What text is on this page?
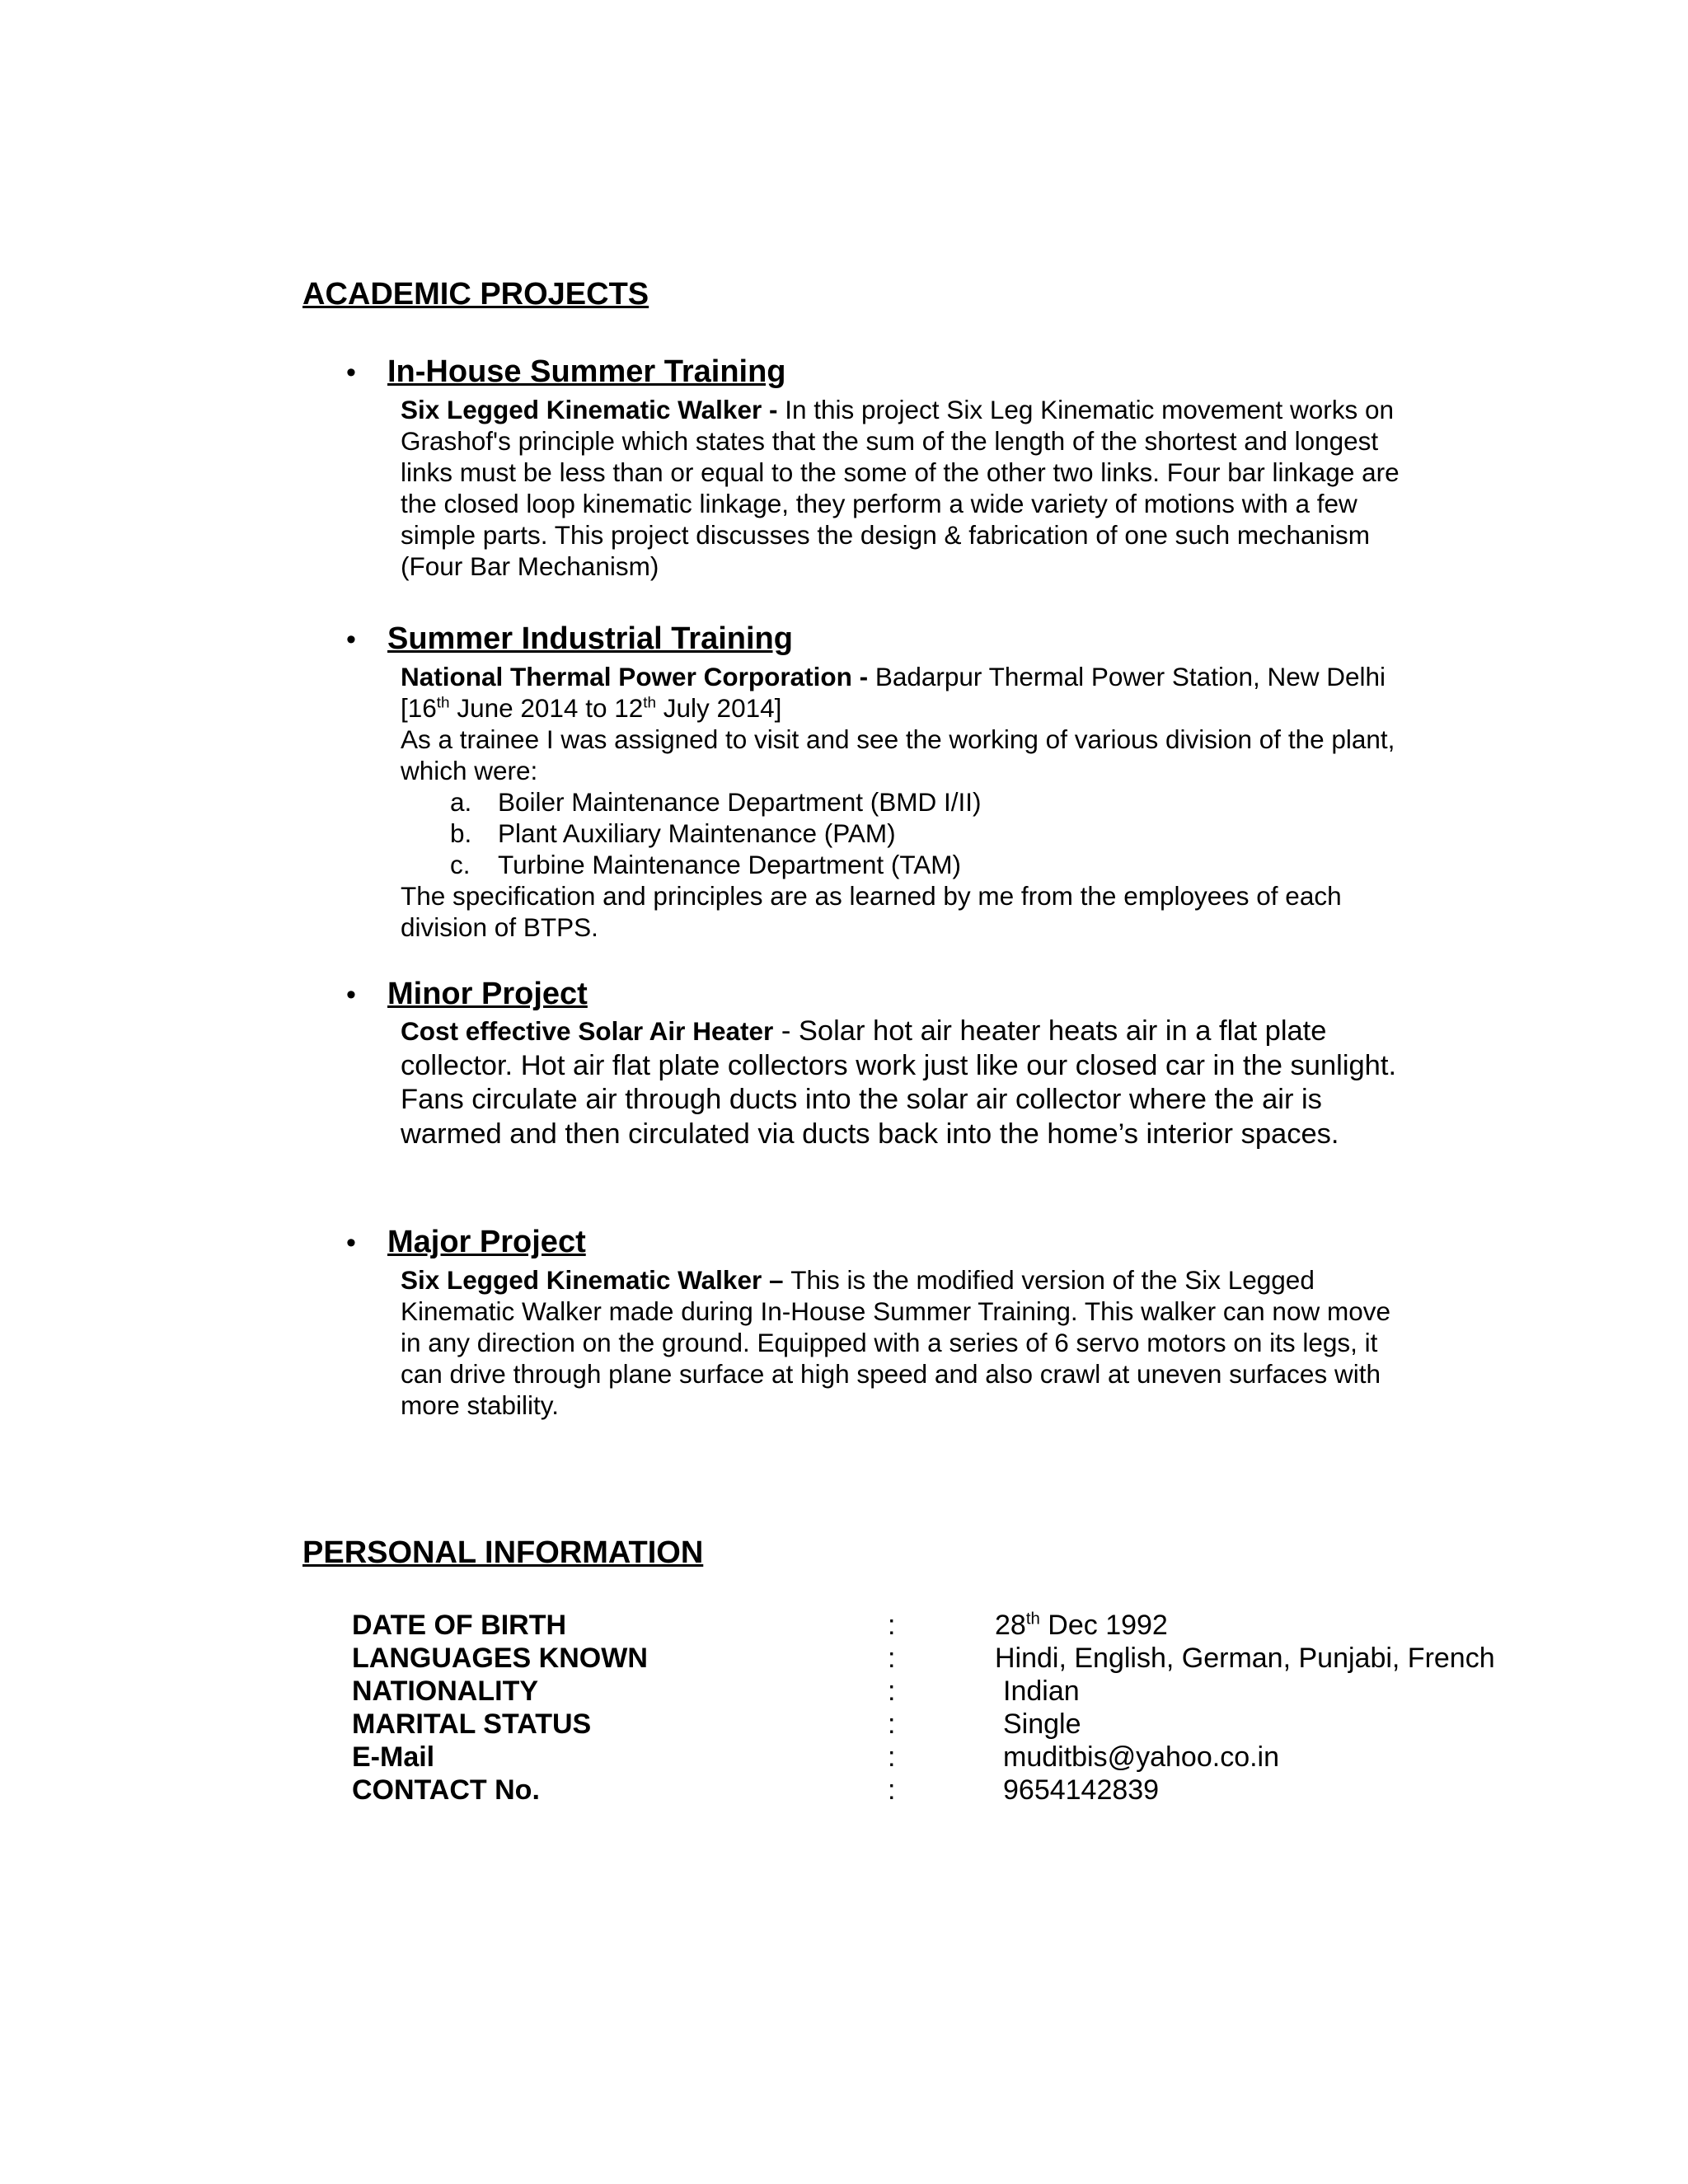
ACADEMIC PROJECTS
• In-House Summer Training
Six Legged Kinematic Walker - In this project Six Leg Kinematic movement works on Grashof's principle which states that the sum of the length of the shortest and longest links must be less than or equal to the some of the other two links. Four bar linkage are the closed loop kinematic linkage, they perform a wide variety of motions with a few simple parts. This project discusses the design & fabrication of one such mechanism (Four Bar Mechanism)
• Summer Industrial Training
National Thermal Power Corporation - Badarpur Thermal Power Station, New Delhi [16th June 2014 to 12th July 2014]
As a trainee I was assigned to visit and see the working of various division of the plant, which were:
a. Boiler Maintenance Department (BMD I/II)
b. Plant Auxiliary Maintenance (PAM)
c. Turbine Maintenance Department (TAM)
The specification and principles are as learned by me from the employees of each division of BTPS.
• Minor Project
Cost effective Solar Air Heater - Solar hot air heater heats air in a flat plate collector. Hot air flat plate collectors work just like our closed car in the sunlight. Fans circulate air through ducts into the solar air collector where the air is warmed and then circulated via ducts back into the home’s interior spaces.
• Major Project
Six Legged Kinematic Walker – This is the modified version of the Six Legged Kinematic Walker made during In-House Summer Training. This walker can now move in any direction on the ground. Equipped with a series of 6 servo motors on its legs, it can drive through plane surface at high speed and also crawl at uneven surfaces with more stability.
PERSONAL INFORMATION
DATE OF BIRTH	:	28th Dec 1992
LANGUAGES KNOWN	:	Hindi, English, German, Punjabi, French
NATIONALITY	:	Indian
MARITAL STATUS	:	Single
E-Mail	:	muditbis@yahoo.co.in
CONTACT No.	:	9654142839
